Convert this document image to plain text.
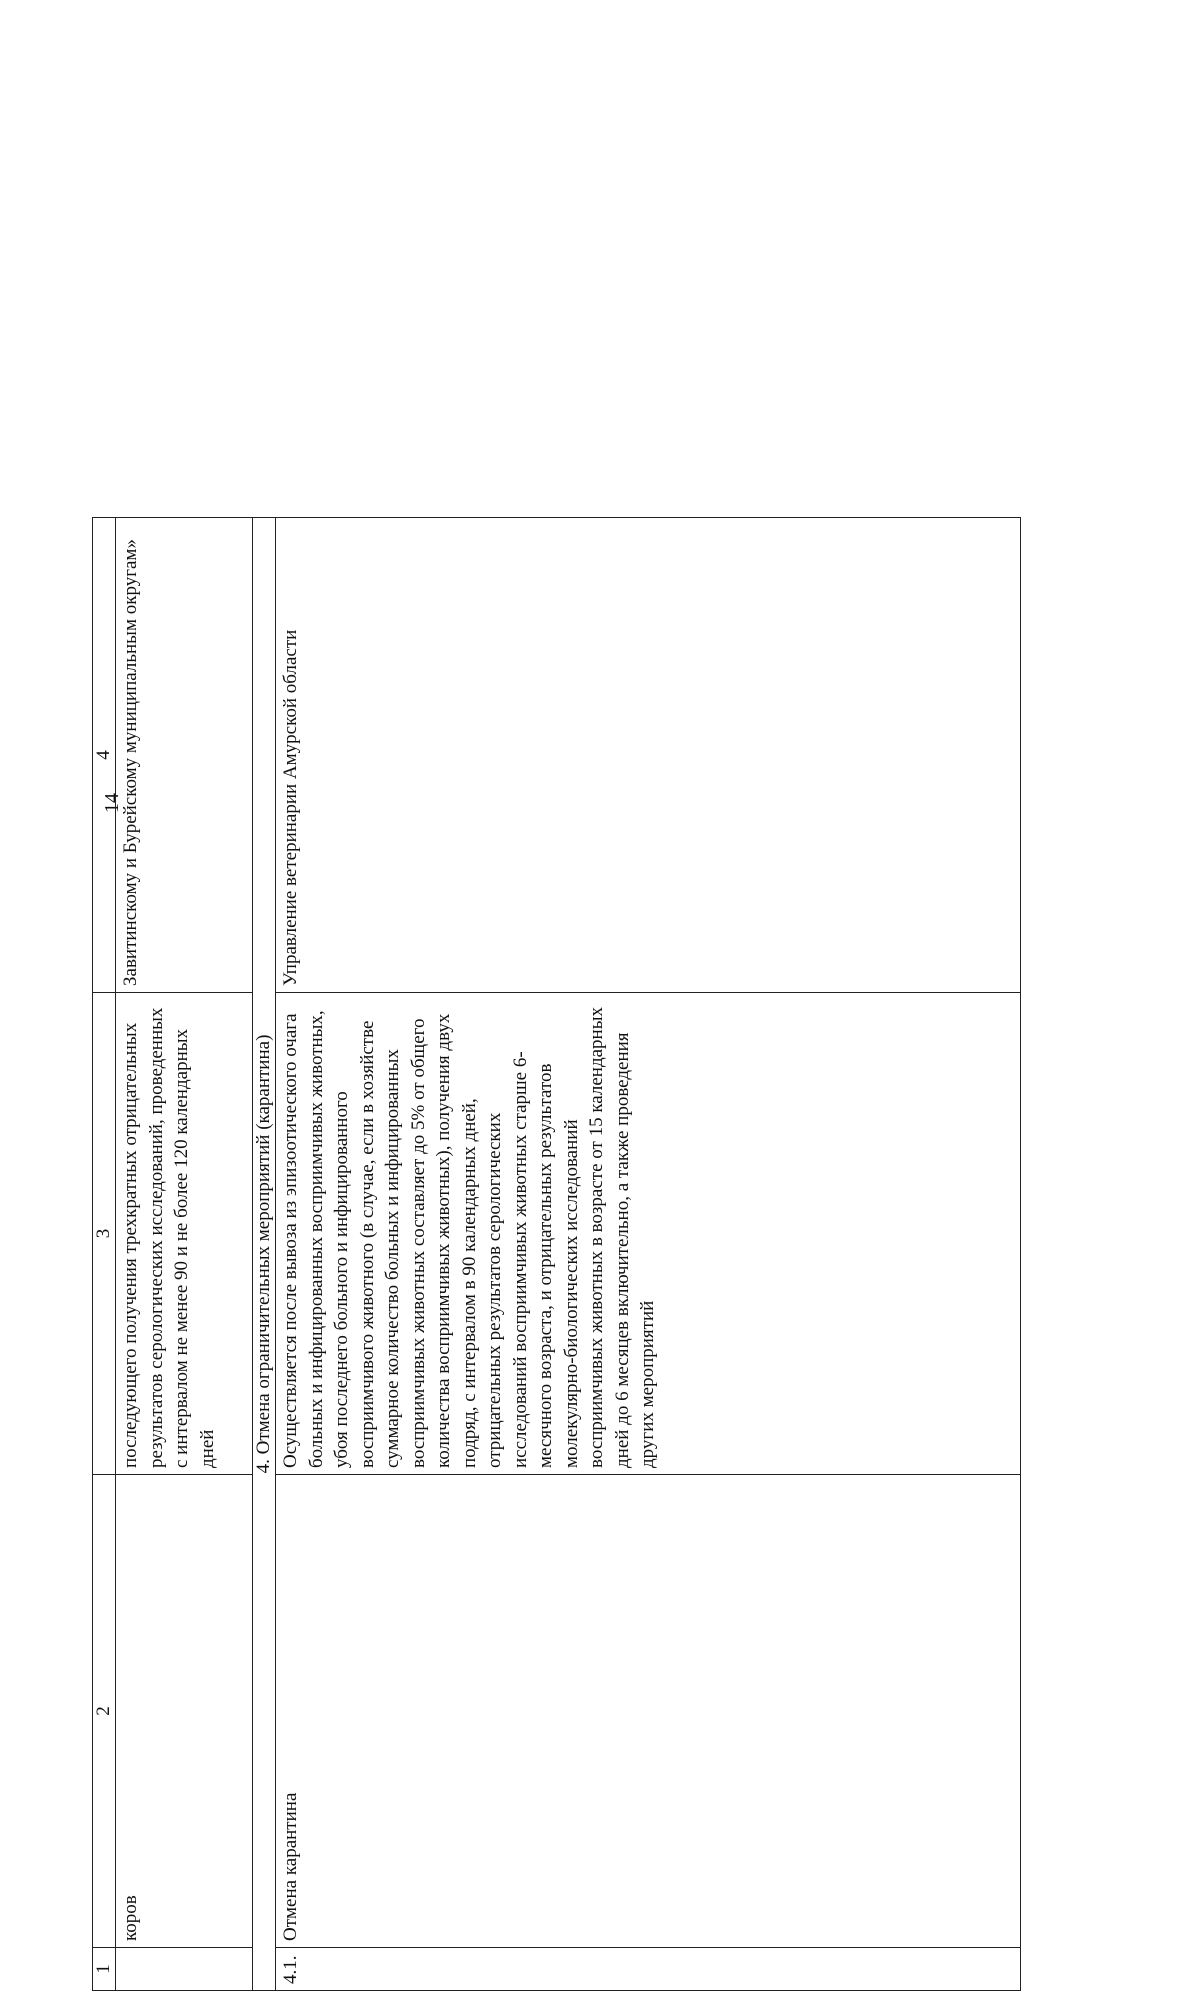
14
1	2	3	4
	коров	последующего получения трехкратных отрицательных результатов серологических исследований, проведенных с интервалом не менее 90 и не более 120 календарных дней	Завитинскому и Бурейскому муниципальным округам»
4. Отмена ограничительных мероприятий (карантина)			
4.1.	Отмена карантина	Осуществляется после вывоза из эпизоотического очага больных и инфицированных восприимчивых животных, убоя последнего больного и инфицированного восприимчивого животного (в случае, если в хозяйстве суммарное количество больных и инфицированных восприимчивых животных составляет до 5% от общего количества восприимчивых животных), получения двух подряд, с интервалом в 90 календарных дней, отрицательных результатов серологических исследований восприимчивых животных старше 6-месячного возраста, и отрицательных результатов молекулярно-биологических исследований восприимчивых животных в возрасте от 15 календарных дней до 6 месяцев включительно, а также проведения других мероприятий	Управление ветеринарии Амурской области
